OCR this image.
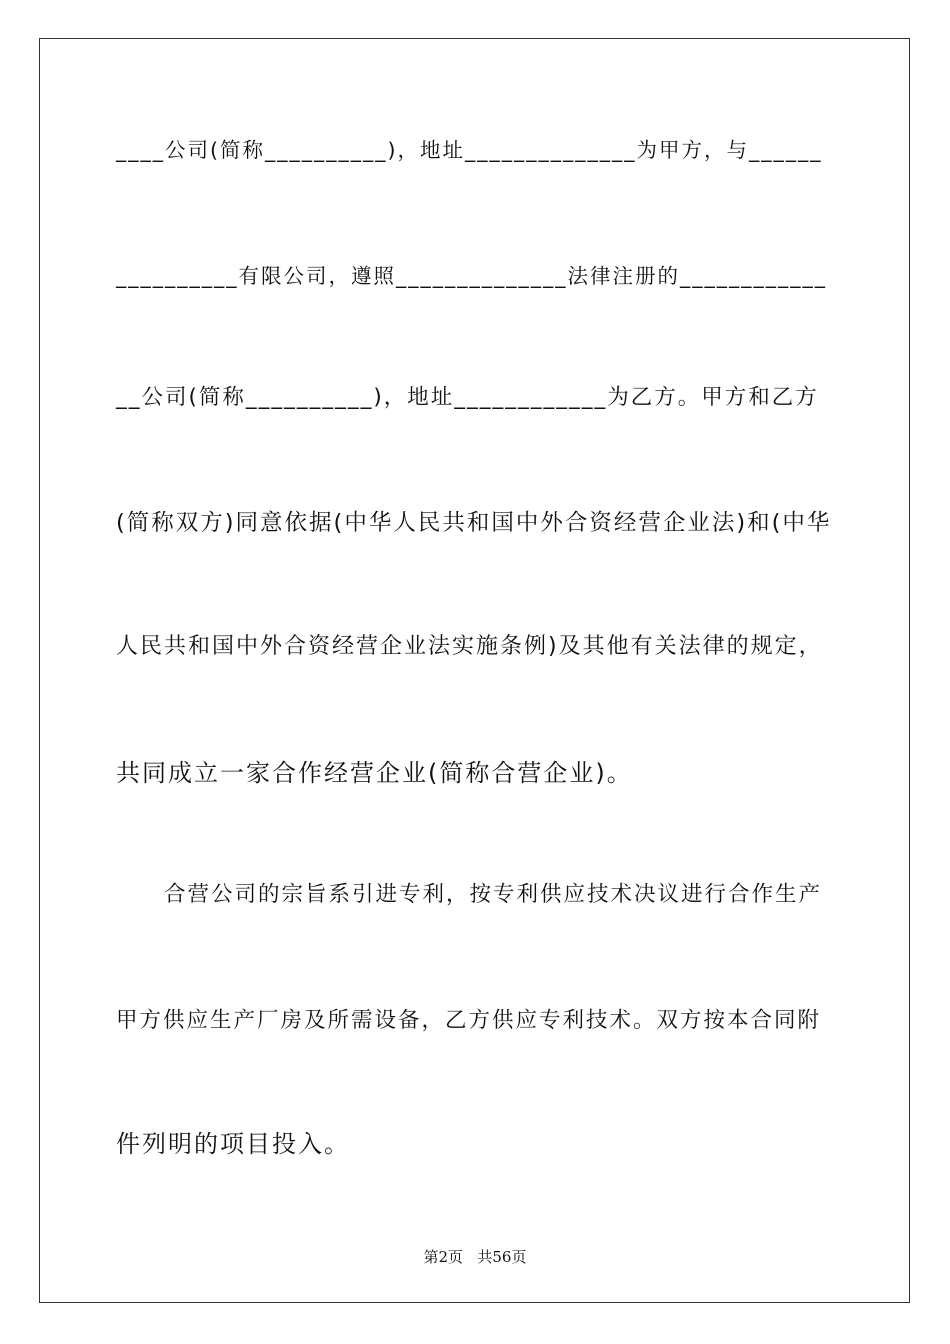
____公司(简称__________)，地址______________为甲方，与______
__________有限公司，遵照______________法律注册的____________
__公司(简称__________)，地址____________为乙方。甲方和乙方
(简称双方)同意依据(中华人民共和国中外合资经营企业法)和(中华
人民共和国中外合资经营企业法实施条例)及其他有关法律的规定，
共同成立一家合作经营企业(简称合营企业)。
合营公司的宗旨系引进专利，按专利供应技术决议进行合作生产
甲方供应生产厂房及所需设备，乙方供应专利技术。双方按本合同附
件列明的项目投入。
第2页 共56页
